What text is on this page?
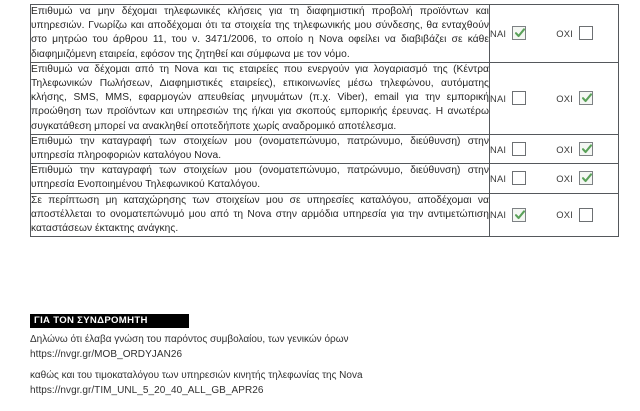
Επιθυμώ να μην δέχομαι τηλεφωνικές κλήσεις για τη διαφημιστική προβολή προϊόντων και υπηρεσιών. Γνωρίζω και αποδέχομαι ότι τα στοιχεία της τηλεφωνικής μου σύνδεσης, θα ενταχθούν στο μητρώο του άρθρου 11, του ν. 3471/2006, το οποίο η Nova οφείλει να διαβιβάζει σε κάθε διαφημιζόμενη εταιρεία, εφόσον της ζητηθεί και σύμφωνα με τον νόμο.	ΝΑΙ ΟΧΙ

Επιθυμώ να δέχομαι από τη Nova και τις εταιρείες που ενεργούν για λογαριασμό της (Κέντρα Τηλεφωνικών Πωλήσεων, Διαφημιστικές εταιρείες), επικοινωνίες μέσω τηλεφώνου, αυτόματης κλήσης, SMS, MMS, εφαρμογών απευθείας μηνυμάτων (π.χ. Viber), email για την εμπορική προώθηση των προϊόντων και υπηρεσιών της ή/και για σκοπούς εμπορικής έρευνας. Η ανωτέρω συγκατάθεση μπορεί να ανακληθεί οποτεδήποτε χωρίς αναδρομικό αποτέλεσμα.	ΝΑΙ ΟΧΙ

Επιθυμώ την καταγραφή των στοιχείων μου (ονοματεπώνυμο, πατρώνυμο, διεύθυνση) στην υπηρεσία πληροφοριών καταλόγου Nova.	ΝΑΙ ΟΧΙ

Επιθυμώ την καταγραφή των στοιχείων μου (ονοματεπώνυμο, πατρώνυμο, διεύθυνση) στην υπηρεσία Ενοποιημένου Τηλεφωνικού Καταλόγου.	ΝΑΙ ΟΧΙ

Σε περίπτωση μη καταχώρησης των στοιχείων μου σε υπηρεσίες καταλόγου, αποδέχομαι να αποστέλλεται το ονοματεπώνυμό μου από τη Nova στην αρμόδια υπηρεσία για την αντιμετώπιση καταστάσεων έκτακτης ανάγκης.	ΝΑΙ ΟΧΙ
ΓΙΑ ΤΟΝ ΣΥΝΔΡΟΜΗΤΗ
Δηλώνω ότι έλαβα γνώση του παρόντος συμβολαίου, των γενικών όρων
https://nvgr.gr/MOB_ORDYJAN26
καθώς και του τιμοκαταλόγου των υπηρεσιών κινητής τηλεφωνίας της Nova
https://nvgr.gr/TIM_UNL_5_20_40_ALL_GB_APR26
